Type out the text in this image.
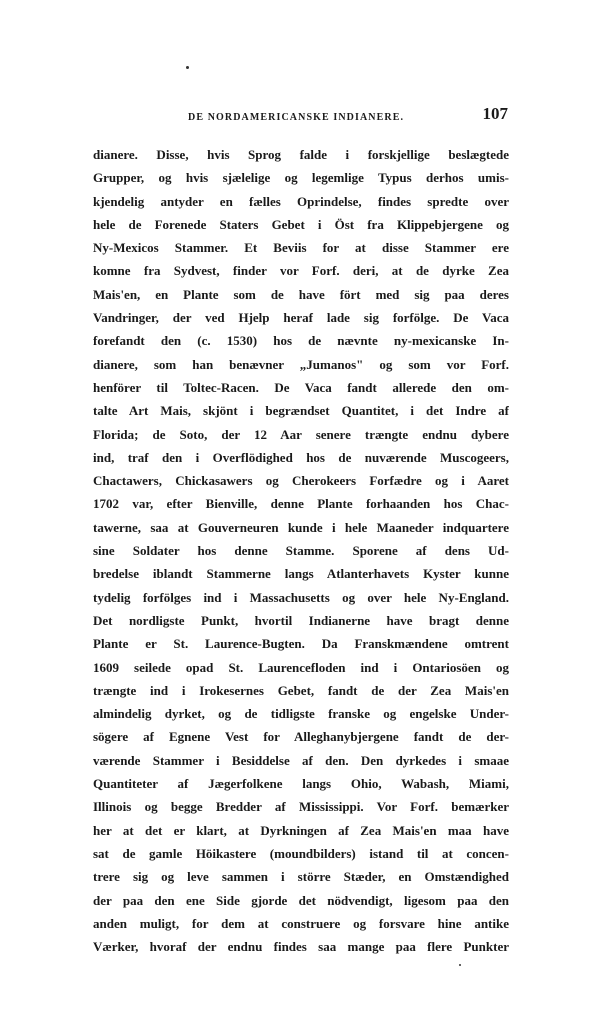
DE NORDAMERICANSKE INDIANERE.	107
dianere. Disse, hvis Sprog falde i forskjellige beslægtede
Grupper, og hvis sjælelige og legemlige Typus derhos umis-
kjendelig antyder en fælles Oprindelse, findes spredte over
hele de Forenede Staters Gebet i Öst fra Klippebjergene og
Ny-Mexicos Stammer. Et Beviis for at disse Stammer ere
komne fra Sydvest, finder vor Forf. deri, at de dyrke Zea
Mais'en, en Plante som de have fört med sig paa deres
Vandringer, der ved Hjelp heraf lade sig forfölge. De Vaca
forefandt den (c. 1530) hos de nævnte ny-mexicanske In-
dianere, som han benævner „Jumanos" og som vor Forf.
henförer til Toltec-Racen. De Vaca fandt allerede den om-
talte Art Mais, skjönt i begrændset Quantitet, i det Indre af
Florida; de Soto, der 12 Aar senere trængte endnu dybere
ind, traf den i Overflödighed hos de nuværende Muscogeers,
Chactawers, Chickasawers og Cherokeers Forfædre og i Aaret
1702 var, efter Bienville, denne Plante forhaanden hos Chac-
tawerne, saa at Gouverneuren kunde i hele Maaneder indquartere
sine Soldater hos denne Stamme. Sporene af dens Ud-
bredelse iblandt Stammerne langs Atlanterhavets Kyster kunne
tydelig forfölges ind i Massachusetts og over hele Ny-England.
Det nordligste Punkt, hvortil Indianerne have bragt denne
Plante er St. Laurence-Bugten. Da Franskmændene omtrent
1609 seilede opad St. Laurencefloden ind i Ontariosöen og
trængte ind i Irokesernes Gebet, fandt de der Zea Mais'en
almindelig dyrket, og de tidligste franske og engelske Under-
sögere af Egnene Vest for Alleghanybjergene fandt de der-
værende Stammer i Besiddelse af den. Den dyrkedes i smaae
Quantiteter af Jægerfolkene langs Ohio, Wabash, Miami,
Illinois og begge Bredder af Mississippi. Vor Forf. bemærker
her at det er klart, at Dyrkningen af Zea Mais'en maa have
sat de gamle Höikastere (moundbilders) istand til at concen-
trere sig og leve sammen i större Stæder, en Omstændighed
der paa den ene Side gjorde det nödvendigt, ligesom paa den
anden muligt, for dem at construere og forsvare hine antike
Værker, hvoraf der endnu findes saa mange paa flere Punkter
